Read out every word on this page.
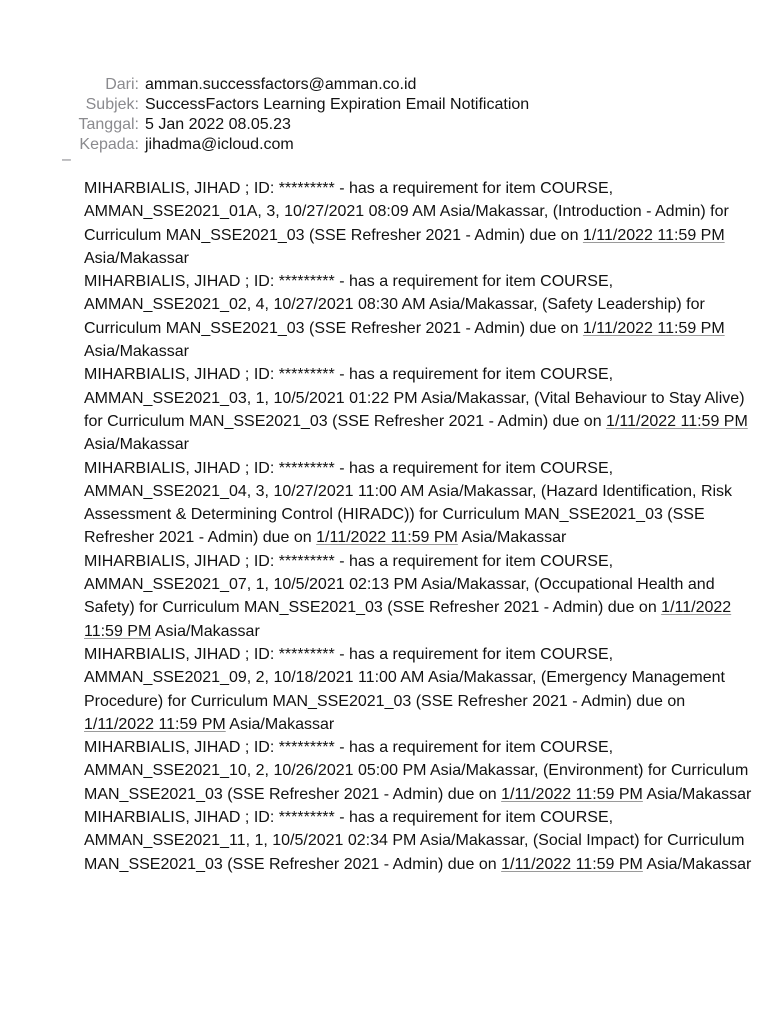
Dari: amman.successfactors@amman.co.id
Subjek: SuccessFactors Learning Expiration Email Notification
Tanggal: 5 Jan 2022 08.05.23
Kepada: jihadma@icloud.com
–

MIHARBIALIS, JIHAD ; ID: ********* - has a requirement for item COURSE, AMMAN_SSE2021_01A, 3, 10/27/2021 08:09 AM Asia/Makassar, (Introduction - Admin) for Curriculum MAN_SSE2021_03 (SSE Refresher 2021 - Admin) due on 1/11/2022 11:59 PM Asia/Makassar

MIHARBIALIS, JIHAD ; ID: ********* - has a requirement for item COURSE, AMMAN_SSE2021_02, 4, 10/27/2021 08:30 AM Asia/Makassar, (Safety Leadership) for Curriculum MAN_SSE2021_03 (SSE Refresher 2021 - Admin) due on 1/11/2022 11:59 PM Asia/Makassar

MIHARBIALIS, JIHAD ; ID: ********* - has a requirement for item COURSE, AMMAN_SSE2021_03, 1, 10/5/2021 01:22 PM Asia/Makassar, (Vital Behaviour to Stay Alive) for Curriculum MAN_SSE2021_03 (SSE Refresher 2021 - Admin) due on 1/11/2022 11:59 PM Asia/Makassar

MIHARBIALIS, JIHAD ; ID: ********* - has a requirement for item COURSE, AMMAN_SSE2021_04, 3, 10/27/2021 11:00 AM Asia/Makassar, (Hazard Identification, Risk Assessment & Determining Control (HIRADC)) for Curriculum MAN_SSE2021_03 (SSE Refresher 2021 - Admin) due on 1/11/2022 11:59 PM Asia/Makassar

MIHARBIALIS, JIHAD ; ID: ********* - has a requirement for item COURSE, AMMAN_SSE2021_07, 1, 10/5/2021 02:13 PM Asia/Makassar, (Occupational Health and Safety) for Curriculum MAN_SSE2021_03 (SSE Refresher 2021 - Admin) due on 1/11/2022 11:59 PM Asia/Makassar

MIHARBIALIS, JIHAD ; ID: ********* - has a requirement for item COURSE, AMMAN_SSE2021_09, 2, 10/18/2021 11:00 AM Asia/Makassar, (Emergency Management Procedure) for Curriculum MAN_SSE2021_03 (SSE Refresher 2021 - Admin) due on 1/11/2022 11:59 PM Asia/Makassar

MIHARBIALIS, JIHAD ; ID: ********* - has a requirement for item COURSE, AMMAN_SSE2021_10, 2, 10/26/2021 05:00 PM Asia/Makassar, (Environment) for Curriculum MAN_SSE2021_03 (SSE Refresher 2021 - Admin) due on 1/11/2022 11:59 PM Asia/Makassar

MIHARBIALIS, JIHAD ; ID: ********* - has a requirement for item COURSE, AMMAN_SSE2021_11, 1, 10/5/2021 02:34 PM Asia/Makassar, (Social Impact) for Curriculum MAN_SSE2021_03 (SSE Refresher 2021 - Admin) due on 1/11/2022 11:59 PM Asia/Makassar
